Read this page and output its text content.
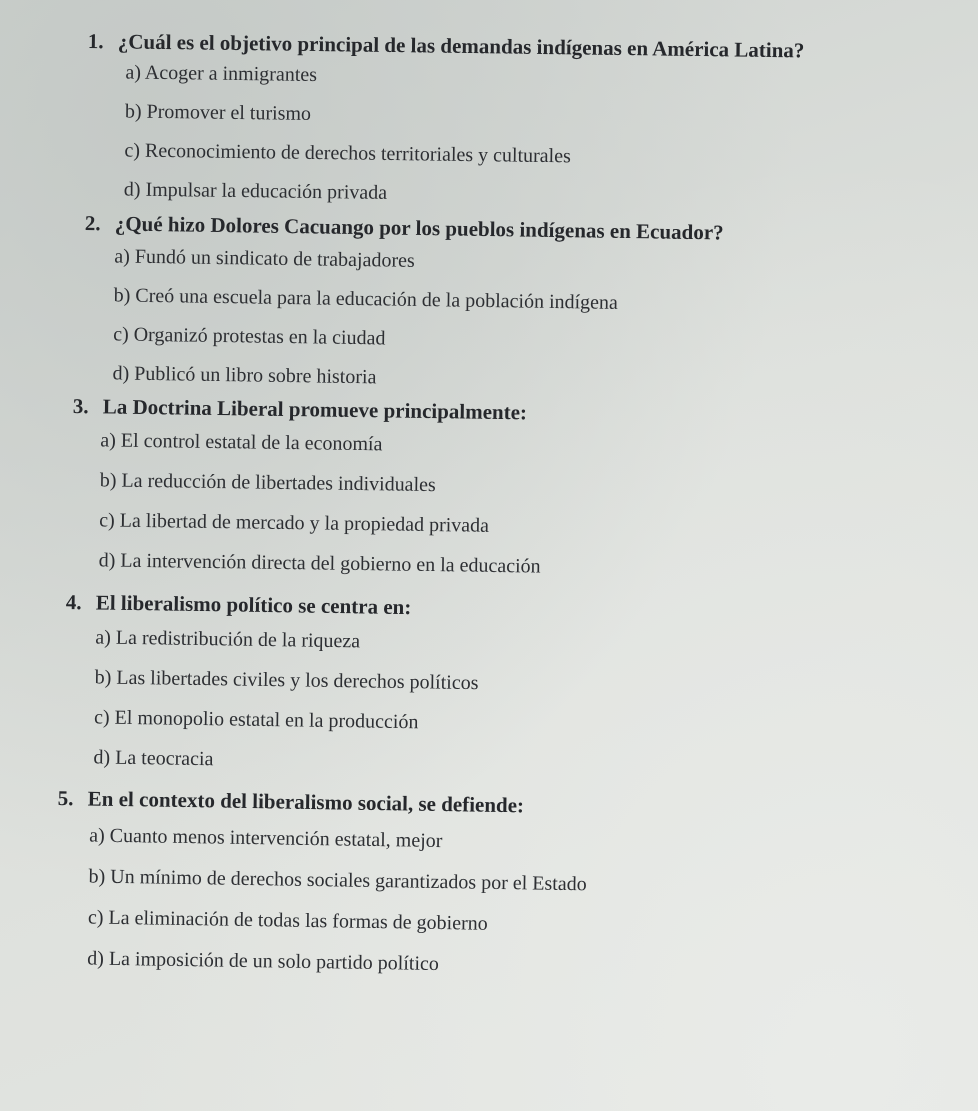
1. ¿Cuál es el objetivo principal de las demandas indígenas en América Latina?
a) Acoger a inmigrantes
b) Promover el turismo
c) Reconocimiento de derechos territoriales y culturales
d) Impulsar la educación privada
2. ¿Qué hizo Dolores Cacuango por los pueblos indígenas en Ecuador?
a) Fundó un sindicato de trabajadores
b) Creó una escuela para la educación de la población indígena
c) Organizó protestas en la ciudad
d) Publicó un libro sobre historia
3. La Doctrina Liberal promueve principalmente:
a) El control estatal de la economía
b) La reducción de libertades individuales
c) La libertad de mercado y la propiedad privada
d) La intervención directa del gobierno en la educación
4. El liberalismo político se centra en:
a) La redistribución de la riqueza
b) Las libertades civiles y los derechos políticos
c) El monopolio estatal en la producción
d) La teocracia
5. En el contexto del liberalismo social, se defiende:
a) Cuanto menos intervención estatal, mejor
b) Un mínimo de derechos sociales garantizados por el Estado
c) La eliminación de todas las formas de gobierno
d) La imposición de un solo partido político
